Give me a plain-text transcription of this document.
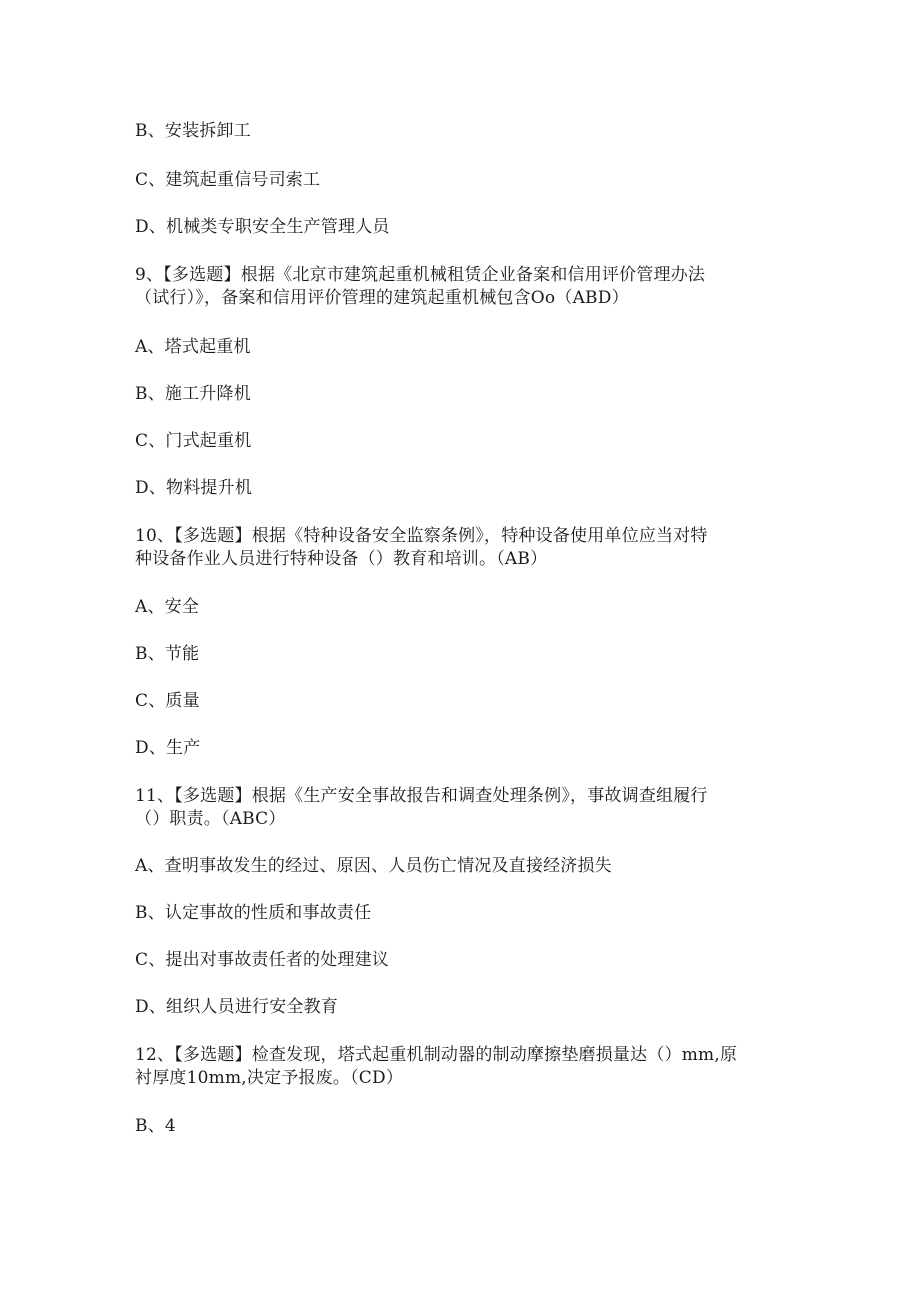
B、安装拆卸工
C、建筑起重信号司索工
D、机械类专职安全生产管理人员
9、【多选题】根据《北京市建筑起重机械租赁企业备案和信用评价管理办法
（试行）》，备案和信用评价管理的建筑起重机械包含Oo（ABD）
A、塔式起重机
B、施工升降机
C、门式起重机
D、物料提升机
10、【多选题】根据《特种设备安全监察条例》，特种设备使用单位应当对特
种设备作业人员进行特种设备（）教育和培训。（AB）
A、安全
B、节能
C、质量
D、生产
11、【多选题】根据《生产安全事故报告和调查处理条例》，事故调查组履行
（）职责。（ABC）
A、查明事故发生的经过、原因、人员伤亡情况及直接经济损失
B、认定事故的性质和事故责任
C、提出对事故责任者的处理建议
D、组织人员进行安全教育
12、【多选题】检查发现，塔式起重机制动器的制动摩擦垫磨损量达（）mm,原
衬厚度10mm,决定予报废。（CD）
B、4
